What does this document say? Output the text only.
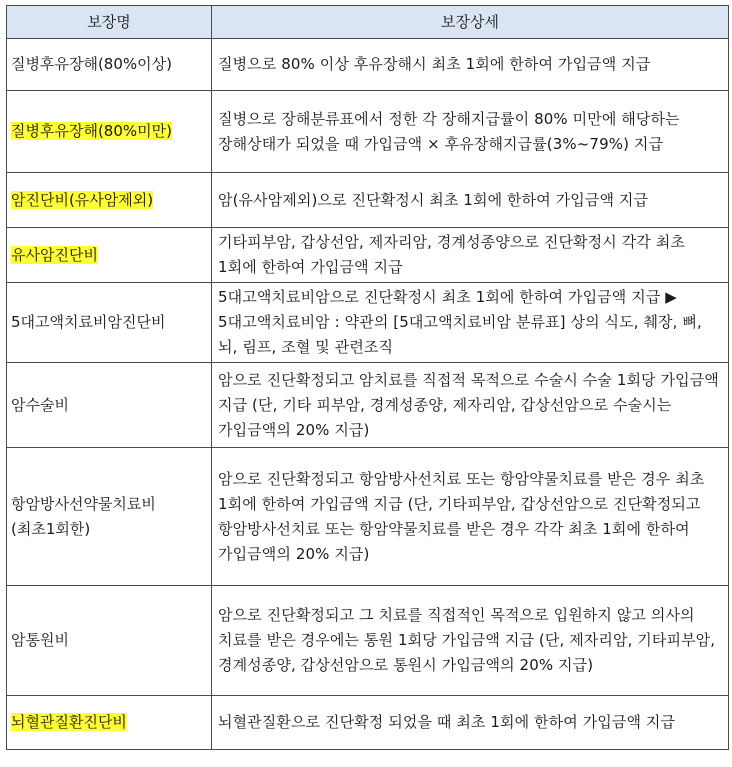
보장명	보장상세
질병후유장해(80%이상)	질병으로 80% 이상 후유장해시 최초 1회에 한하여 가입금액 지급
질병후유장해(80%미만)	질병으로 장해분류표에서 정한 각 장해지급률이 80% 미만에 해당하는 장해상태가 되었을 때 가입금액 × 후유장해지급률(3%~79%) 지급
암진단비(유사암제외)	암(유사암제외)으로 진단확정시 최초 1회에 한하여 가입금액 지급
유사암진단비	기타피부암, 갑상선암, 제자리암, 경계성종양으로 진단확정시 각각 최초 1회에 한하여 가입금액 지급
5대고액치료비암진단비	5대고액치료비암으로 진단확정시 최초 1회에 한하여 가입금액 지급 ▶ 5대고액치료비암 : 약관의 [5대고액치료비암 분류표] 상의 식도, 췌장, 뼈, 뇌, 림프, 조혈 및 관련조직
암수술비	암으로 진단확정되고 암치료를 직접적 목적으로 수술시 수술 1회당 가입금액 지급 (단, 기타 피부암, 경계성종양, 제자리암, 갑상선암으로 수술시는 가입금액의 20% 지급)
항암방사선약물치료비(최초1회한)	암으로 진단확정되고 항암방사선치료 또는 항암약물치료를 받은 경우 최초 1회에 한하여 가입금액 지급 (단, 기타피부암, 갑상선암으로 진단확정되고 항암방사선치료 또는 항암약물치료를 받은 경우 각각 최초 1회에 한하여 가입금액의 20% 지급)
암통원비	암으로 진단확정되고 그 치료를 직접적인 목적으로 입원하지 않고 의사의 치료를 받은 경우에는 통원 1회당 가입금액 지급 (단, 제자리암, 기타피부암, 경계성종양, 갑상선암으로 통원시 가입금액의 20% 지급)
뇌혈관질환진단비	뇌혈관질환으로 진단확정 되었을 때 최초 1회에 한하여 가입금액 지급
